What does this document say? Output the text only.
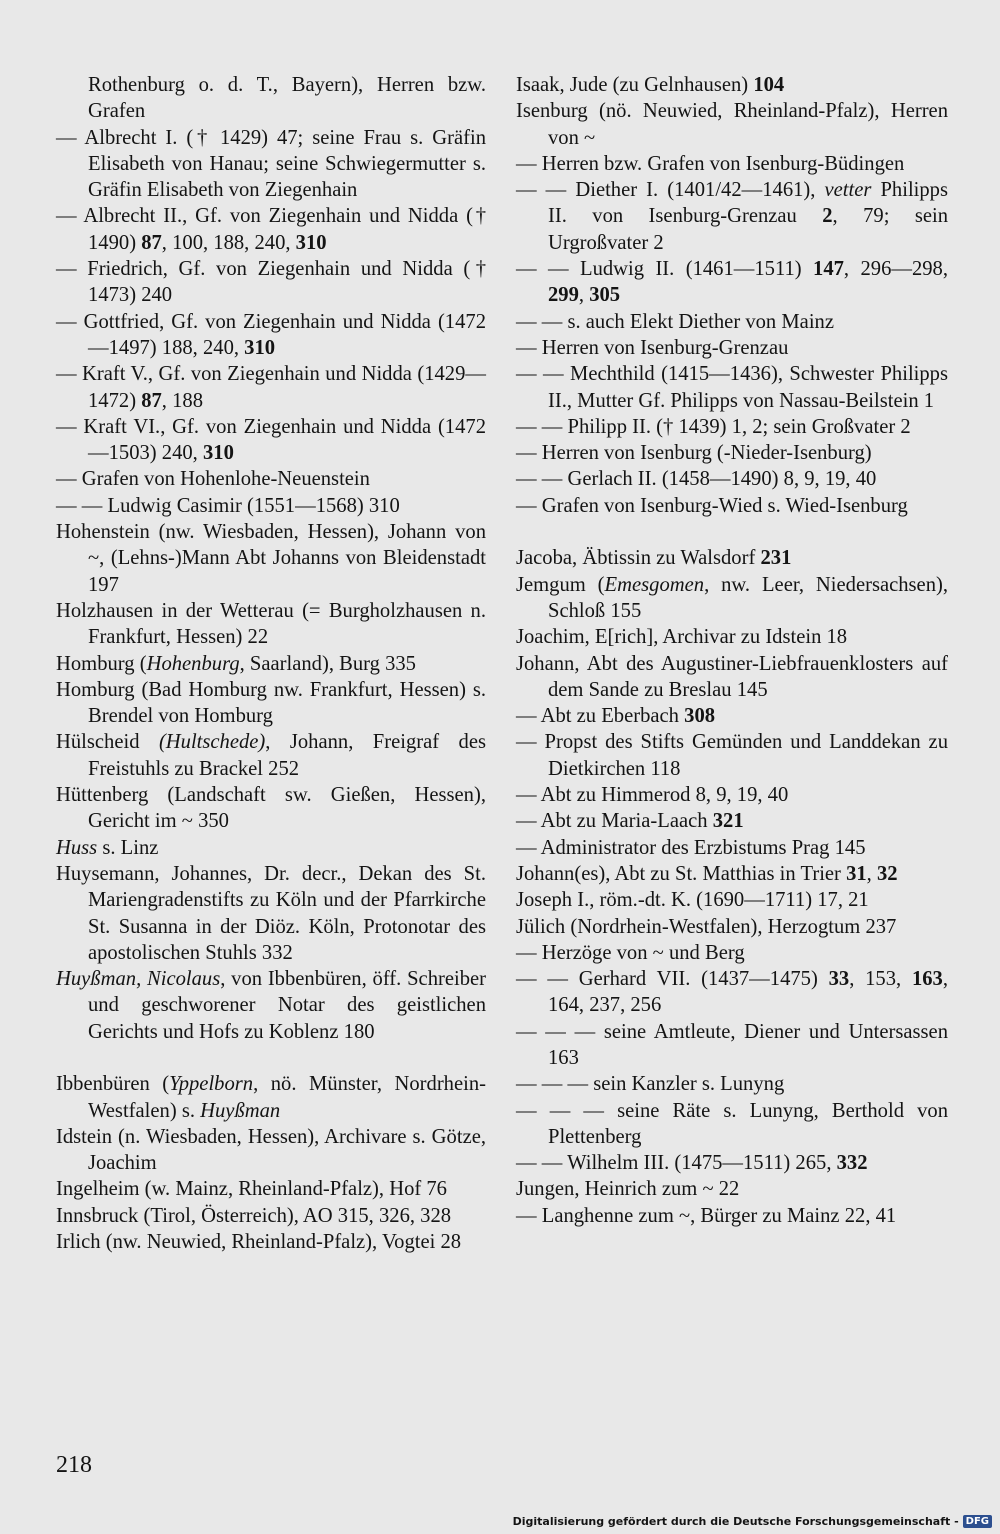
Rothenburg o. d. T., Bayern), Herren bzw. Grafen
— Albrecht I. († 1429) 47; seine Frau s. Gräfin Elisabeth von Hanau; seine Schwiegermutter s. Gräfin Elisabeth von Ziegenhain
— Albrecht II., Gf. von Ziegenhain und Nidda († 1490) 87, 100, 188, 240, 310
— Friedrich, Gf. von Ziegenhain und Nidda († 1473) 240
— Gottfried, Gf. von Ziegenhain und Nidda (1472—1497) 188, 240, 310
— Kraft V., Gf. von Ziegenhain und Nidda (1429—1472) 87, 188
— Kraft VI., Gf. von Ziegenhain und Nidda (1472—1503) 240, 310
— Grafen von Hohenlohe-Neuenstein
— — Ludwig Casimir (1551—1568) 310
Hohenstein (nw. Wiesbaden, Hessen), Johann von ~, (Lehns-)Mann Abt Johanns von Bleidenstadt 197
Holzhausen in der Wetterau (= Burgholzhausen n. Frankfurt, Hessen) 22
Homburg (Hohenburg, Saarland), Burg 335
Homburg (Bad Homburg nw. Frankfurt, Hessen) s. Brendel von Homburg
Hülscheid (Hultschede), Johann, Freigraf des Freistuhls zu Brackel 252
Hüttenberg (Landschaft sw. Gießen, Hessen), Gericht im ~ 350
Huss s. Linz
Huysemann, Johannes, Dr. decr., Dekan des St. Mariengradenstifts zu Köln und der Pfarrkirche St. Susanna in der Diöz. Köln, Protonotar des apostolischen Stuhls 332
Huyßman, Nicolaus, von Ibbenbüren, öff. Schreiber und geschworener Notar des geistlichen Gerichts und Hofs zu Koblenz 180
Ibbenbüren (Yppelborn, nö. Münster, Nordrhein-Westfalen) s. Huyßman
Idstein (n. Wiesbaden, Hessen), Archivare s. Götze, Joachim
Ingelheim (w. Mainz, Rheinland-Pfalz), Hof 76
Innsbruck (Tirol, Österreich), AO 315, 326, 328
Irlich (nw. Neuwied, Rheinland-Pfalz), Vogtei 28
Isaak, Jude (zu Gelnhausen) 104
Isenburg (nö. Neuwied, Rheinland-Pfalz), Herren von ~
— Herren bzw. Grafen von Isenburg-Büdingen
— — Diether I. (1401/42—1461), vetter Philipps II. von Isenburg-Grenzau 2, 79; sein Urgroßvater 2
— — Ludwig II. (1461—1511) 147, 296—298, 299, 305
— — s. auch Elekt Diether von Mainz
— Herren von Isenburg-Grenzau
— — Mechthild (1415—1436), Schwester Philipps II., Mutter Gf. Philipps von Nassau-Beilstein 1
— — Philipp II. († 1439) 1, 2; sein Großvater 2
— Herren von Isenburg (-Nieder-Isenburg)
— — Gerlach II. (1458—1490) 8, 9, 19, 40
— Grafen von Isenburg-Wied s. Wied-Isenburg
Jacoba, Äbtissin zu Walsdorf 231
Jemgum (Emesgomen, nw. Leer, Niedersachsen), Schloß 155
Joachim, E[rich], Archivar zu Idstein 18
Johann, Abt des Augustiner-Liebfrauenklosters auf dem Sande zu Breslau 145
— Abt zu Eberbach 308
— Propst des Stifts Gemünden und Landdekan zu Dietkirchen 118
— Abt zu Himmerod 8, 9, 19, 40
— Abt zu Maria-Laach 321
— Administrator des Erzbistums Prag 145
Johann(es), Abt zu St. Matthias in Trier 31, 32
Joseph I., röm.-dt. K. (1690—1711) 17, 21
Jülich (Nordrhein-Westfalen), Herzogtum 237
— Herzöge von ~ und Berg
— — Gerhard VII. (1437—1475) 33, 153, 163, 164, 237, 256
— — — seine Amtleute, Diener und Untersassen 163
— — — sein Kanzler s. Lunyng
— — — seine Räte s. Lunyng, Berthold von Plettenberg
— — Wilhelm III. (1475—1511) 265, 332
Jungen, Heinrich zum ~ 22
— Langhenne zum ~, Bürger zu Mainz 22, 41
218
Digitalisierung gefördert durch die Deutsche Forschungsgemeinschaft - DFG
